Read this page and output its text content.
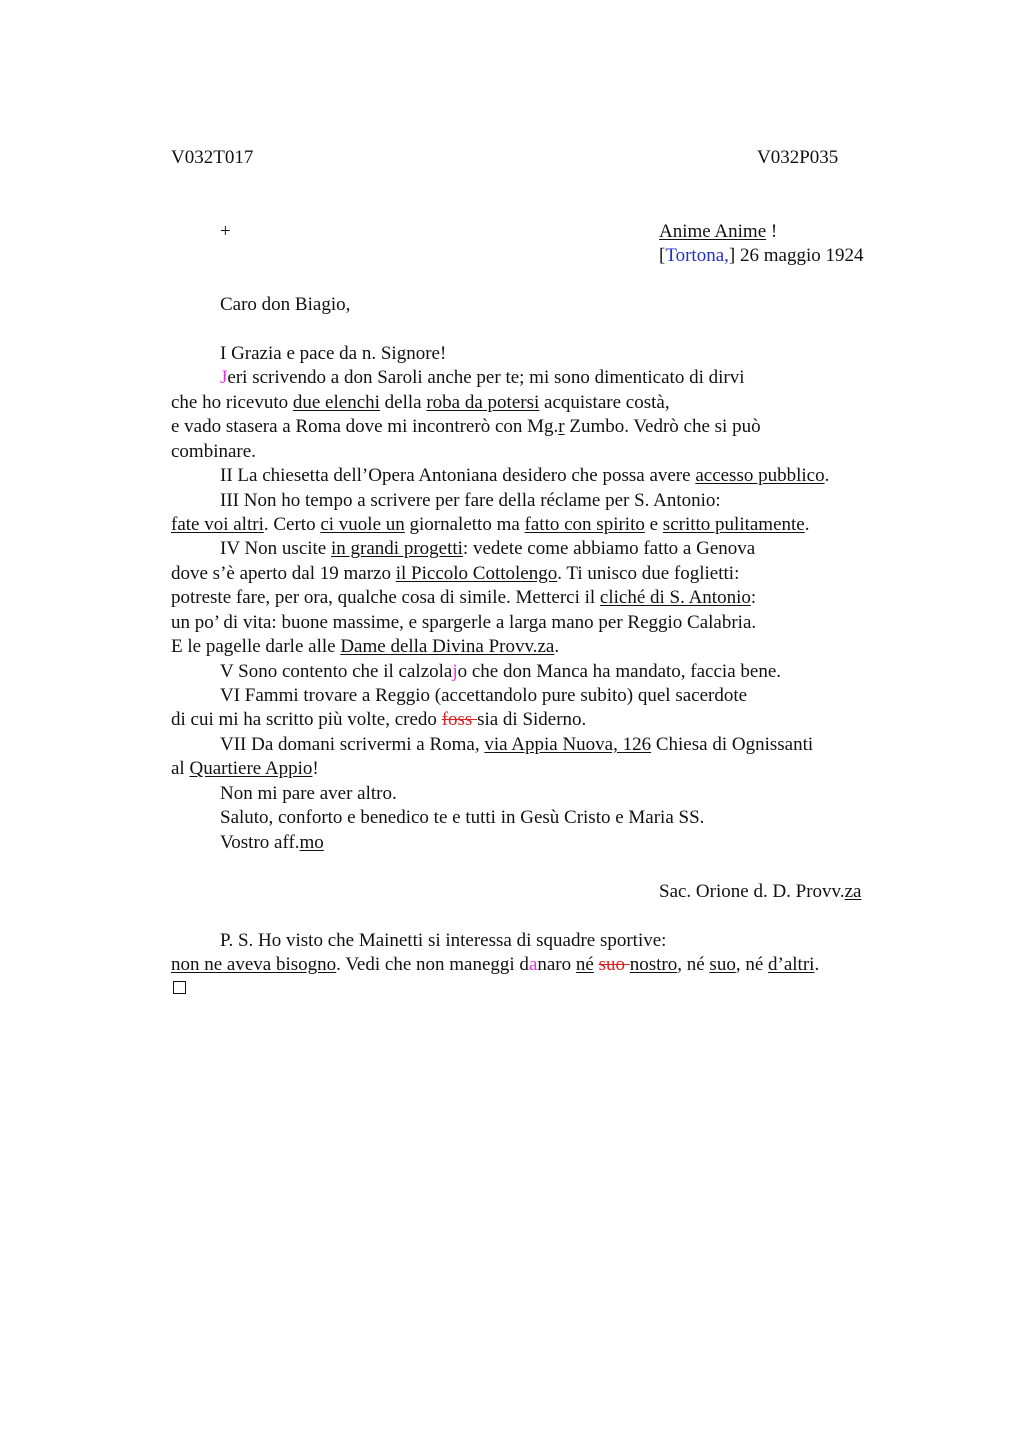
V032T017	V032P035
+	Anime Anime !
[Tortona,] 26 maggio 1924
Caro don Biagio,
I Grazia e pace da n. Signore!
Jeri scrivendo a don Saroli anche per te; mi sono dimenticato di dirvi
che ho ricevuto due elenchi della roba da potersi acquistare costà,
e vado stasera a Roma dove mi incontrerò con Mg.r Zumbo. Vedrò che si può
combinare.
II La chiesetta dell’Opera Antoniana desidero che possa avere accesso pubblico.
III Non ho tempo a scrivere per fare della réclame per S. Antonio:
fate voi altri. Certo ci vuole un giornaletto ma fatto con spirito e scritto pulitamente.
IV Non uscite in grandi progetti: vedete come abbiamo fatto a Genova
dove s’è aperto dal 19 marzo il Piccolo Cottolengo. Ti unisco due foglietti:
potreste fare, per ora, qualche cosa di simile. Metterci il cliché di S. Antonio:
un po’ di vita: buone massime, e spargerle a larga mano per Reggio Calabria.
E le pagelle darle alle Dame della Divina Provv.za.
V Sono contento che il calzolajo che don Manca ha mandato, faccia bene.
VI Fammi trovare a Reggio (accettandolo pure subito) quel sacerdote
di cui mi ha scritto più volte, credo foss sia di Siderno.
VII Da domani scrivermi a Roma, via Appia Nuova, 126 Chiesa di Ognissanti
al Quartiere Appio!
Non mi pare aver altro.
Saluto, conforto e benedico te e tutti in Gesù Cristo e Maria SS.
Vostro aff.mo
Sac. Orione d. D. Provv.za
P. S. Ho visto che Mainetti si interessa di squadre sportive:
non ne aveva bisogno. Vedi che non maneggi danaro né suo nostro, né suo, né d’altri.
